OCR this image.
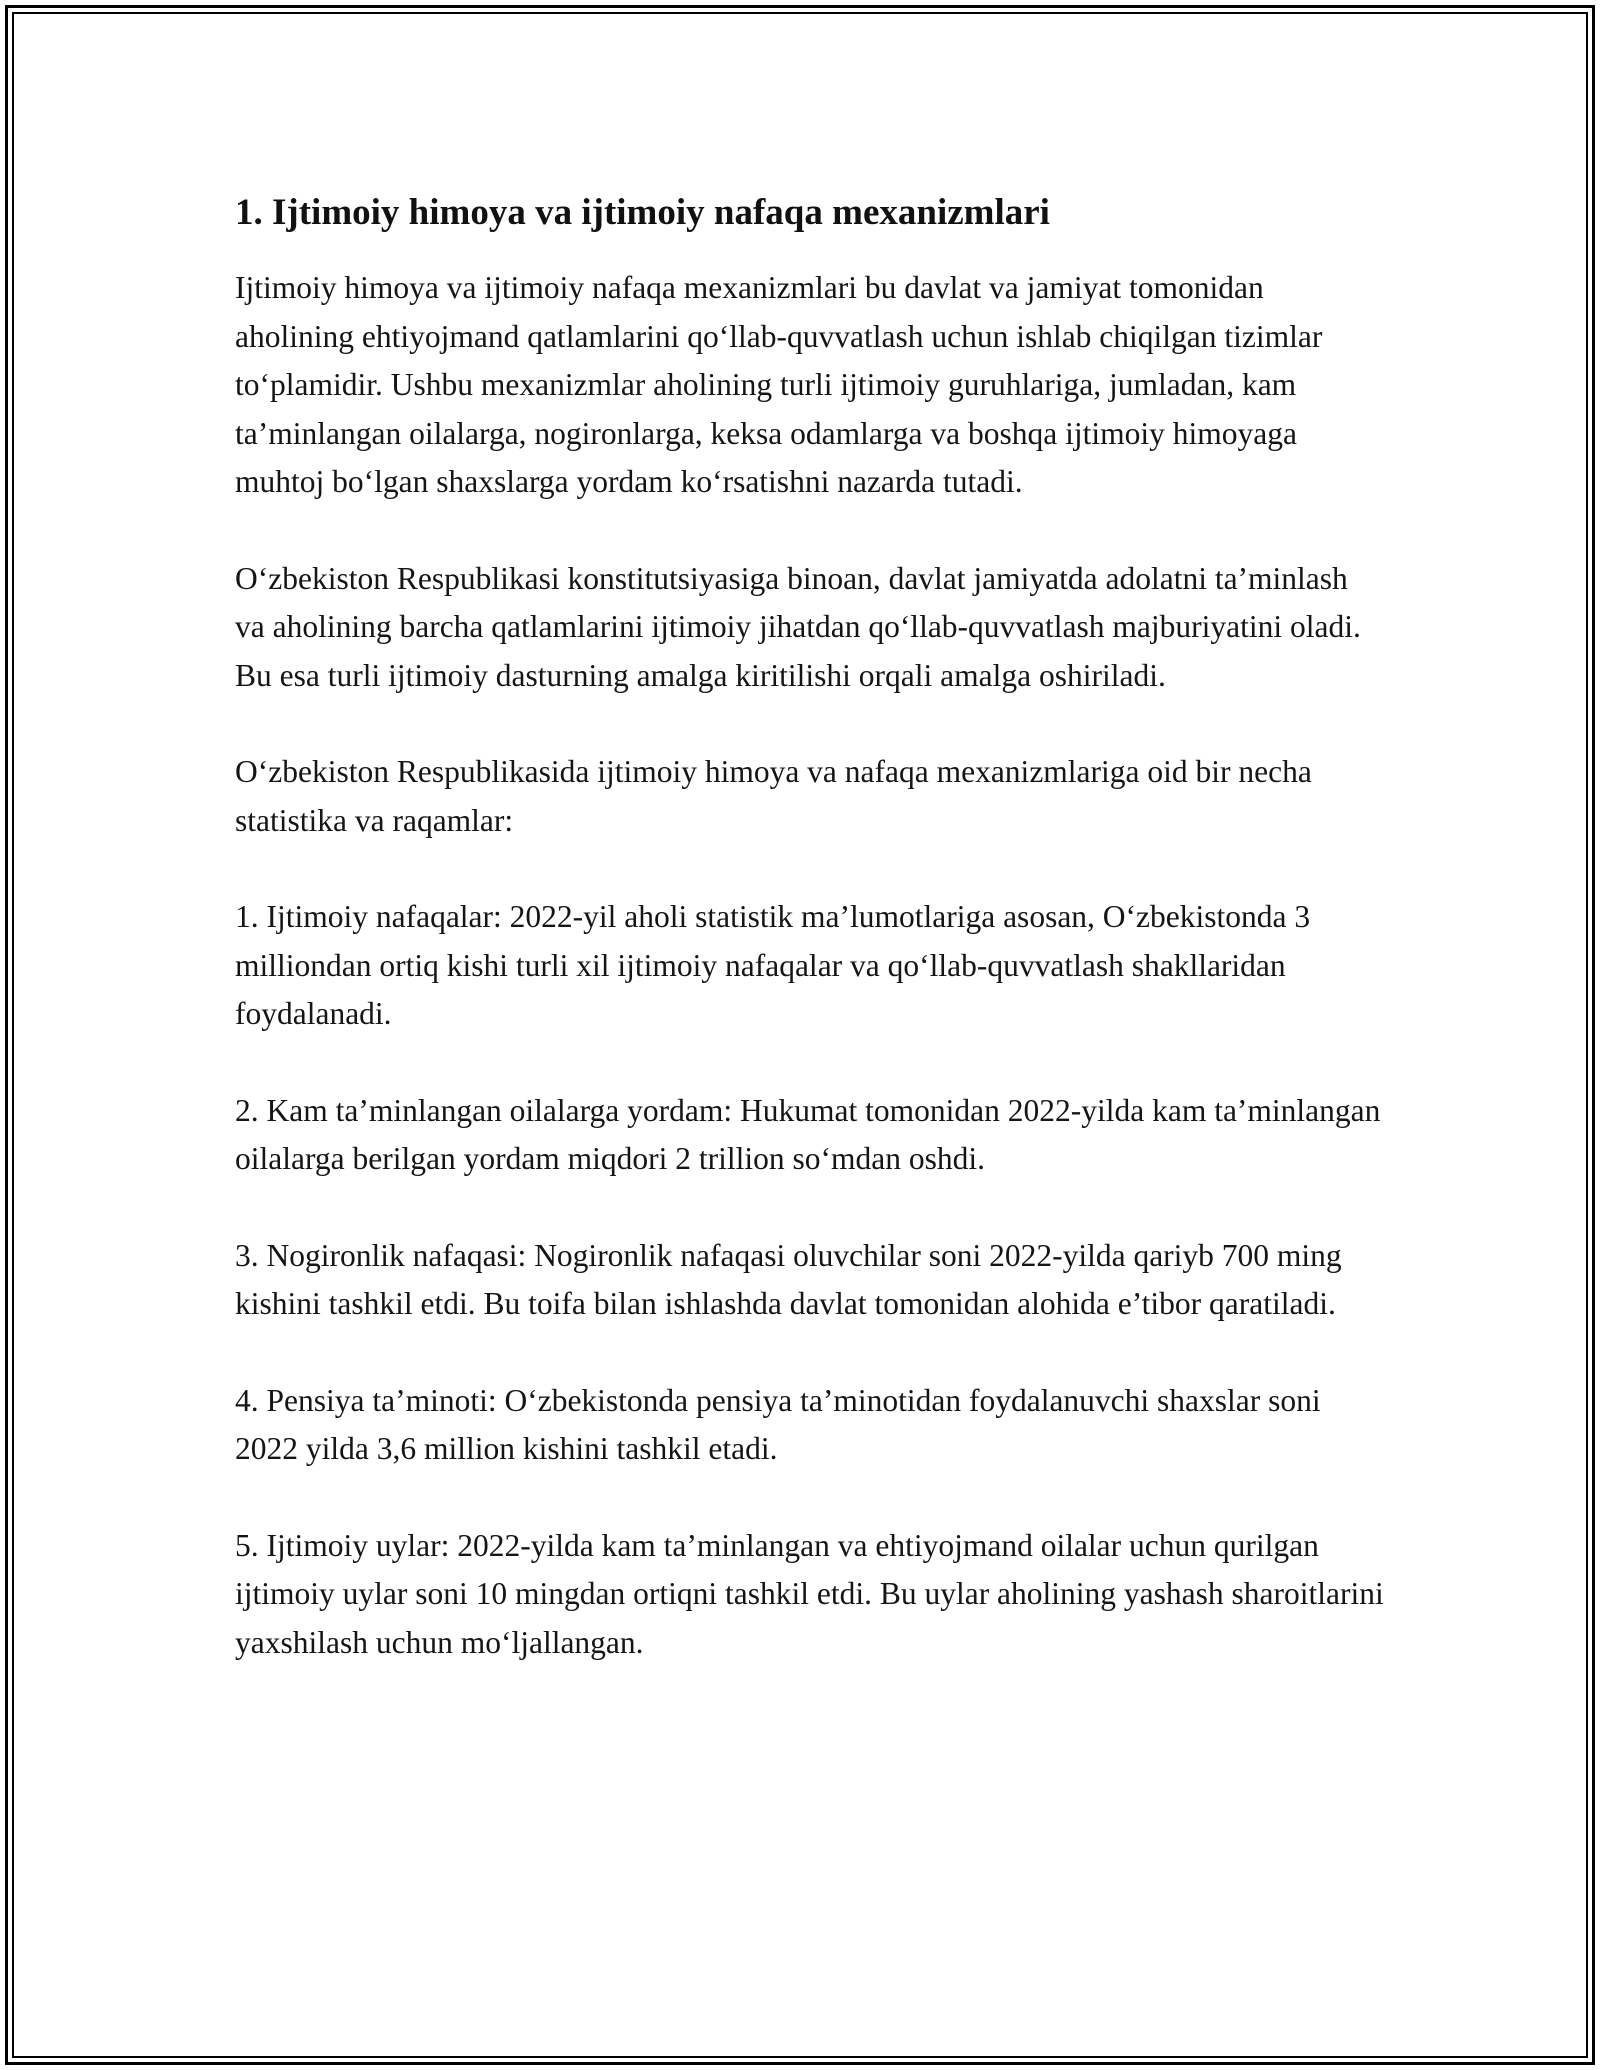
1. Ijtimoiy himoya va ijtimoiy nafaqa mexanizmlari

Ijtimoiy himoya va ijtimoiy nafaqa mexanizmlari bu davlat va jamiyat tomonidan aholining ehtiyojmand qatlamlarini qo‘llab-quvvatlash uchun ishlab chiqilgan tizimlar to‘plamidir. Ushbu mexanizmlar aholining turli ijtimoiy guruhlariga, jumladan, kam ta’minlangan oilalarga, nogironlarga, keksa odamlarga va boshqa ijtimoiy himoyaga muhtoj bo‘lgan shaxslarga yordam ko‘rsatishni nazarda tutadi.

O‘zbekiston Respublikasi konstitutsiyasiga binoan, davlat jamiyatda adolatni ta’minlash va aholining barcha qatlamlarini ijtimoiy jihatdan qo‘llab-quvvatlash majburiyatini oladi. Bu esa turli ijtimoiy dasturning amalga kiritilishi orqali amalga oshiriladi.

O‘zbekiston Respublikasida ijtimoiy himoya va nafaqa mexanizmlariga oid bir necha statistika va raqamlar:

1. Ijtimoiy nafaqalar: 2022-yil aholi statistik ma’lumotlariga asosan, O‘zbekistonda 3 milliondan ortiq kishi turli xil ijtimoiy nafaqalar va qo‘llab-quvvatlash shakllaridan foydalanadi.

2. Kam ta’minlangan oilalarga yordam: Hukumat tomonidan 2022-yilda kam ta’minlangan oilalarga berilgan yordam miqdori 2 trillion so‘mdan oshdi.

3. Nogironlik nafaqasi: Nogironlik nafaqasi oluvchilar soni 2022-yilda qariyb 700 ming kishini tashkil etdi. Bu toifa bilan ishlashda davlat tomonidan alohida e’tibor qaratiladi.

4. Pensiya ta’minoti: O‘zbekistonda pensiya ta’minotidan foydalanuvchi shaxslar soni 2022 yilda 3,6 million kishini tashkil etadi.

5. Ijtimoiy uylar: 2022-yilda kam ta’minlangan va ehtiyojmand oilalar uchun qurilgan ijtimoiy uylar soni 10 mingdan ortiqni tashkil etdi. Bu uylar aholining yashash sharoitlarini yaxshilash uchun mo‘ljallangan.
